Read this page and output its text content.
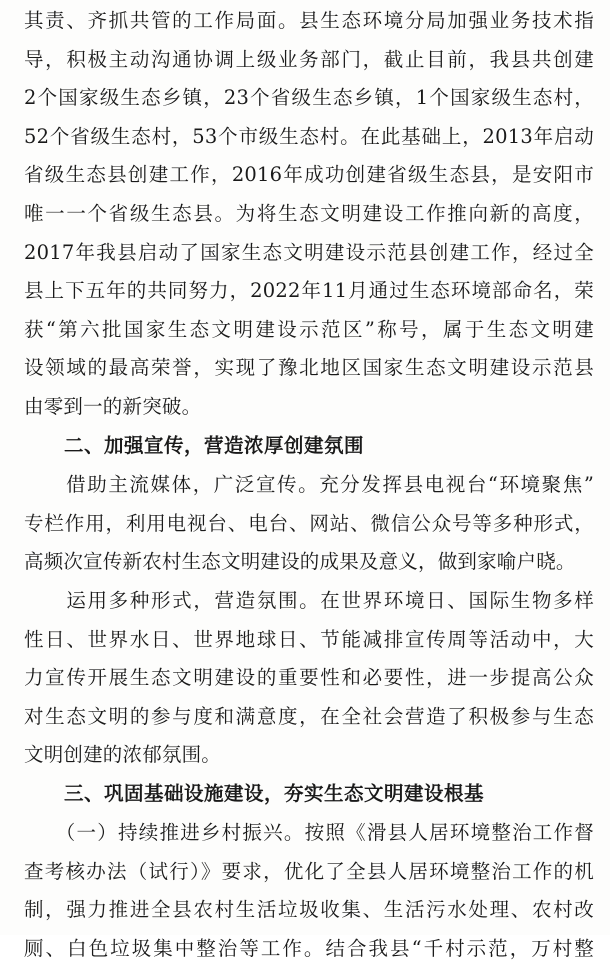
其责、齐抓共管的工作局面。县生态环境分局加强业务技术指
导，积极主动沟通协调上级业务部门，截止目前，我县共创建
2个国家级生态乡镇，23个省级生态乡镇，1个国家级生态村，
52个省级生态村，53个市级生态村。在此基础上，2013年启动
省级生态县创建工作，2016年成功创建省级生态县，是安阳市
唯一一个省级生态县。为将生态文明建设工作推向新的高度，
2017年我县启动了国家生态文明建设示范县创建工作，经过全
县上下五年的共同努力，2022年11月通过生态环境部命名，荣
获“第六批国家生态文明建设示范区”称号，属于生态文明建
设领域的最高荣誉，实现了豫北地区国家生态文明建设示范县
由零到一的新突破。
二、加强宣传，营造浓厚创建氛围
　　借助主流媒体，广泛宣传。充分发挥县电视台“环境聚焦”
专栏作用，利用电视台、电台、网站、微信公众号等多种形式，
高频次宣传新农村生态文明建设的成果及意义，做到家喻户晓。
　　运用多种形式，营造氛围。在世界环境日、国际生物多样
性日、世界水日、世界地球日、节能减排宣传周等活动中，大
力宣传开展生态文明建设的重要性和必要性，进一步提高公众
对生态文明的参与度和满意度，在全社会营造了积极参与生态
文明创建的浓郁氛围。
三、巩固基础设施建设，夯实生态文明建设根基
　　（一）持续推进乡村振兴。按照《滑县人居环境整治工作督
查考核办法（试行）》要求，优化了全县人居环境整治工作的机
制，强力推进全县农村生活垃圾收集、生活污水处理、农村改
厕、白色垃圾集中整治等工作。结合我县“千村示范，万村整
